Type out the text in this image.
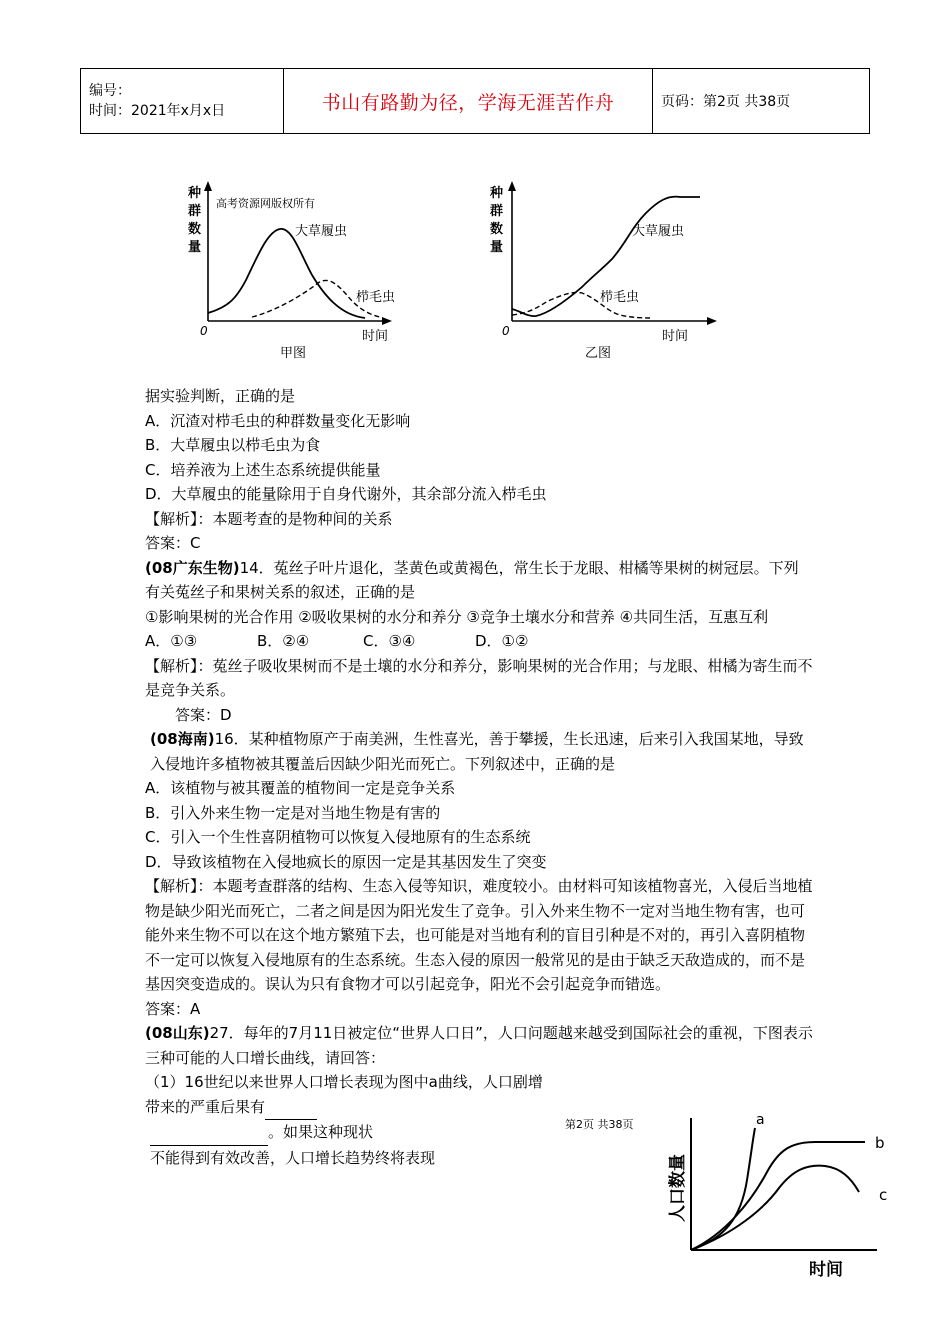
编号：
时间：2021年x月x日	书山有路勤为径，学海无涯苦作舟	页码：第2页 共38页
种
群
数
量
高考资源网版权所有
大草履虫
栉毛虫
0	时间
甲图
种
群
数
量
大草履虫
栉毛虫
0	时间
乙图

据实验判断，正确的是

A．沉渣对栉毛虫的种群数量变化无影响

B．大草履虫以栉毛虫为食

C．培养液为上述生态系统提供能量

D．大草履虫的能量除用于自身代谢外，其余部分流入栉毛虫

【解析】：本题考查的是物种间的关系

答案：C

(08广东生物)14．菟丝子叶片退化，茎黄色或黄褐色，常生长于龙眼、柑橘等果树的树冠层。下列有关菟丝子和果树关系的叙述，正确的是

①影响果树的光合作用 ②吸收果树的水分和养分 ③竞争土壤水分和营养 ④共同生活，互惠互利

A．①③	B．②④	C．③④	D．①②

【解析】：菟丝子吸收果树而不是土壤的水分和养分，影响果树的光合作用；与龙眼、柑橘为寄生而不是竞争关系。

答案：D

(08海南)16．某种植物原产于南美洲，生性喜光，善于攀援，生长迅速，后来引入我国某地，导致入侵地许多植物被其覆盖后因缺少阳光而死亡。下列叙述中，正确的是

A．该植物与被其覆盖的植物间一定是竞争关系

B．引入外来生物一定是对当地生物是有害的

C．引入一个生性喜阴植物可以恢复入侵地原有的生态系统

D．导致该植物在入侵地疯长的原因一定是其基因发生了突变

【解析】：本题考查群落的结构、生态入侵等知识，难度较小。由材料可知该植物喜光，入侵后当地植物是缺少阳光而死亡，二者之间是因为阳光发生了竞争。引入外来生物不一定对当地生物有害，也可能外来生物不可以在这个地方繁殖下去，也可能是对当地有利的盲目引种是不对的，再引入喜阴植物不一定可以恢复入侵地原有的生态系统。生态入侵的原因一般常见的是由于缺乏天敌造成的，而不是基因突变造成的。误认为只有食物才可以引起竞争，阳光不会引起竞争而错选。

答案：A

(08山东)27．每年的7月11日被定位“世界人口日”，人口问题越来越受到国际社会的重视，下图表示三种可能的人口增长曲线，请回答：

（1）16世纪以来世界人口增长表现为图中a曲线，人口剧增带来的严重后果有

。如果这种现状

不能得到有效改善，人口增长趋势终将表现

第2页 共38页
人口数量
时间
a
b
c
